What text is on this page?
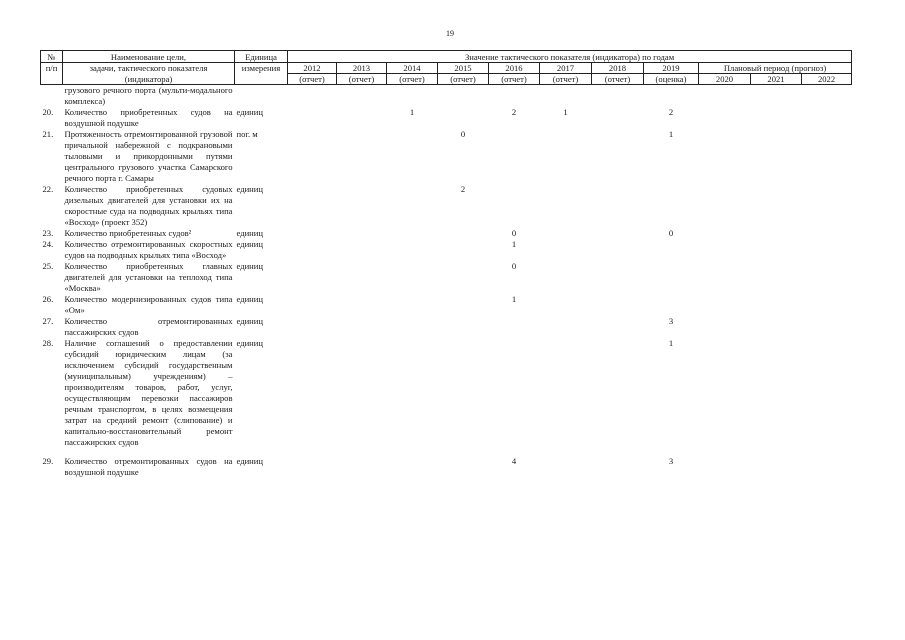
19
№	Наименование цели,	Единица	Значение тактического показателя (индикатора) по годам										
п/п	задачи, тактического показателя	измерения	2012	2013	2014	2015	2016	2017	2018	2019	Плановый период (прогноз)		
	(индикатора)		(отчет)	(отчет)	(отчет)	(отчет)	(отчет)	(отчет)	(отчет)	(оценка)	2020	2021	2022
	грузового речного порта (мульти-модального комплекса)												
20.	Количество приобретенных судов на воздушной подушке	единиц			1		2	1		2			
21.	Протяженность отремонтированной грузовой причальной набережной с подкрановыми тыловыми и прикордонными путями центрального грузового участка Самарского речного порта г. Самары	пог. м				0				1			
22.	Количество приобретенных судовых дизельных двигателей для установки их на скоростные суда на подводных крыльях типа «Восход» (проект 352)	единиц				2							
23.	Количество приобретенных судов²	единиц					0			0			
24.	Количество отремонтированных скоростных судов на подводных крыльях типа «Восход»	единиц					1						
25.	Количество приобретенных главных двигателей для установки на теплоход типа «Москва»	единиц					0						
26.	Количество модернизированных судов типа «Ом»	единиц					1						
27.	Количество отремонтированных пассажирских судов	единиц								3			
28.	Наличие соглашений о предоставлении субсидий юридическим лицам (за исключением субсидий государственным (муниципальным) учреждениям) – производителям товаров, работ, услуг, осуществляющим перевозки пассажиров речным транспортом, в целях возмещения затрат на средний ремонт (слипование) и капитально-восстановительный ремонт пассажирских судов	единиц								1			

29.	Количество отремонтированных судов на воздушной подушке	единиц					4			3			
